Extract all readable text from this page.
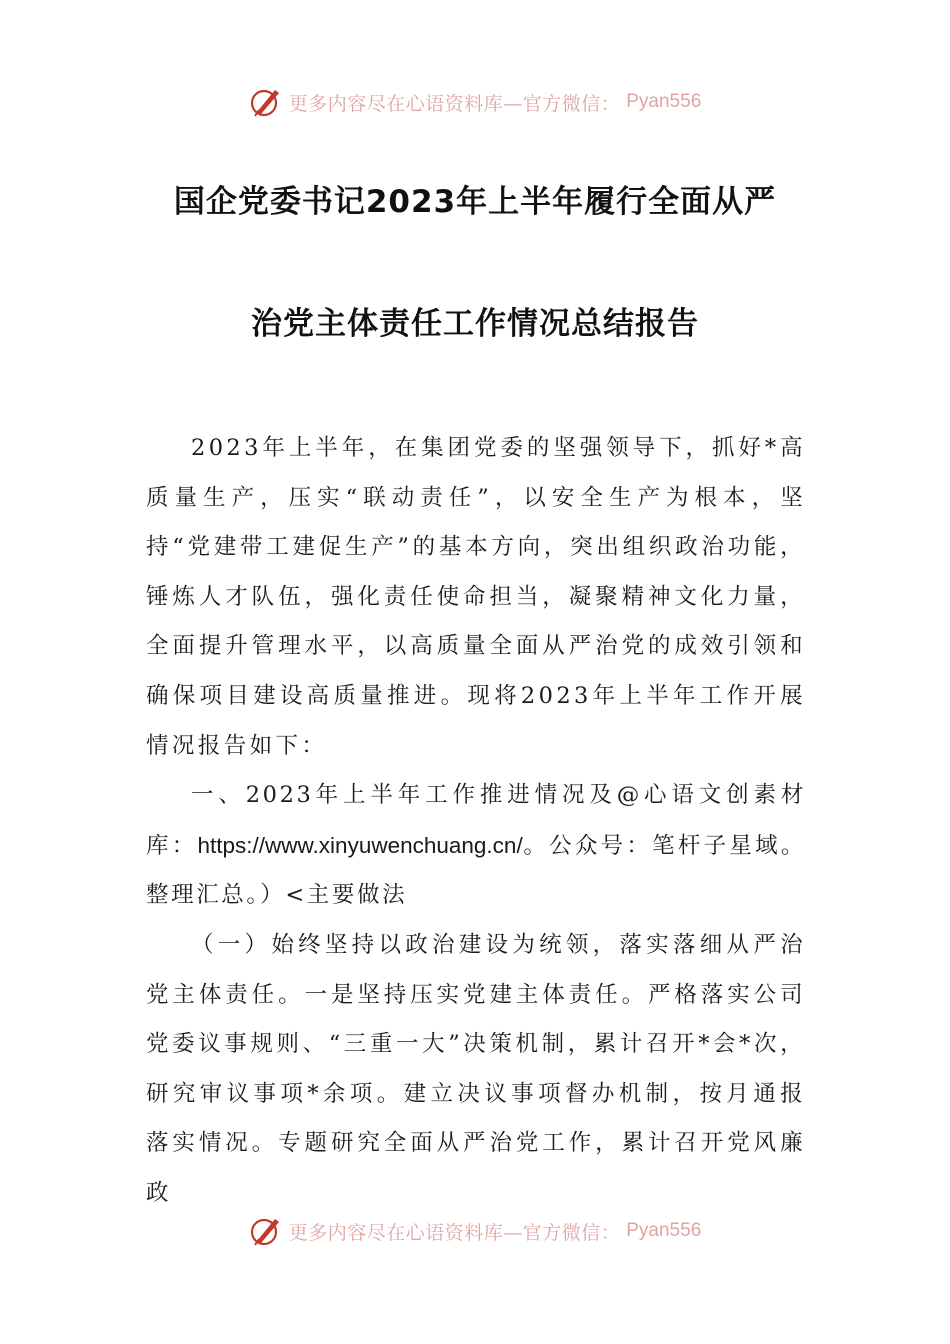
更多内容尽在心语资料库—官方微信： Pyan556
国企党委书记2023年上半年履行全面从严
治党主体责任工作情况总结报告

2023年上半年，在集团党委的坚强领导下，抓好*高质量生产，压实“联动责任”，以安全生产为根本，坚持“党建带工建促生产”的基本方向，突出组织政治功能，锤炼人才队伍，强化责任使命担当，凝聚精神文化力量，全面提升管理水平，以高质量全面从严治党的成效引领和确保项目建设高质量推进。现将2023年上半年工作开展情况报告如下：

一、2023年上半年工作推进情况及@心语文创素材库：https://www.xinyuwenchuang.cn/。公众号：笔杆子星域。整理汇总。）<主要做法

（一）始终坚持以政治建设为统领，落实落细从严治党主体责任。一是坚持压实党建主体责任。严格落实公司党委议事规则、“三重一大”决策机制，累计召开*会*次，研究审议事项*余项。建立决议事项督办机制，按月通报落实情况。专题研究全面从严治党工作，累计召开党风廉政

更多内容尽在心语资料库—官方微信： Pyan556
